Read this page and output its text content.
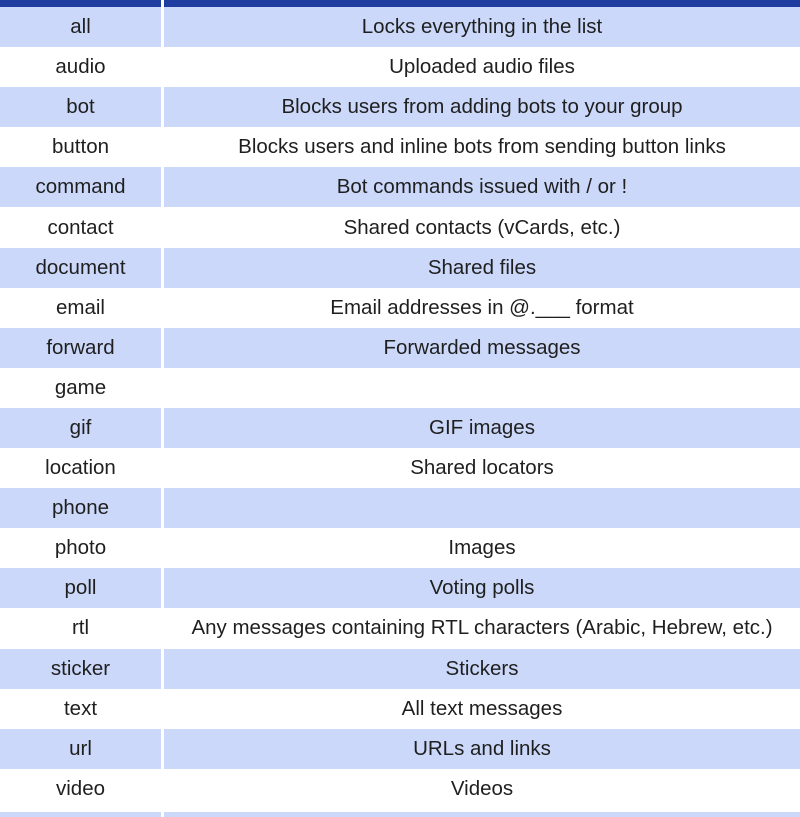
all	Locks everything in the list
audio	Uploaded audio files
bot	Blocks users from adding bots to your group
button	Blocks users and inline bots from sending button links
command	Bot commands issued with / or !
contact	Shared contacts (vCards, etc.)
document	Shared files
email	Email addresses in @.___ format
forward	Forwarded messages
game
gif	GIF images
location	Shared locators
phone
photo	Images
poll	Voting polls
rtl	Any messages containing RTL characters (Arabic, Hebrew, etc.)
sticker	Stickers
text	All text messages
url	URLs and links
video	Videos
